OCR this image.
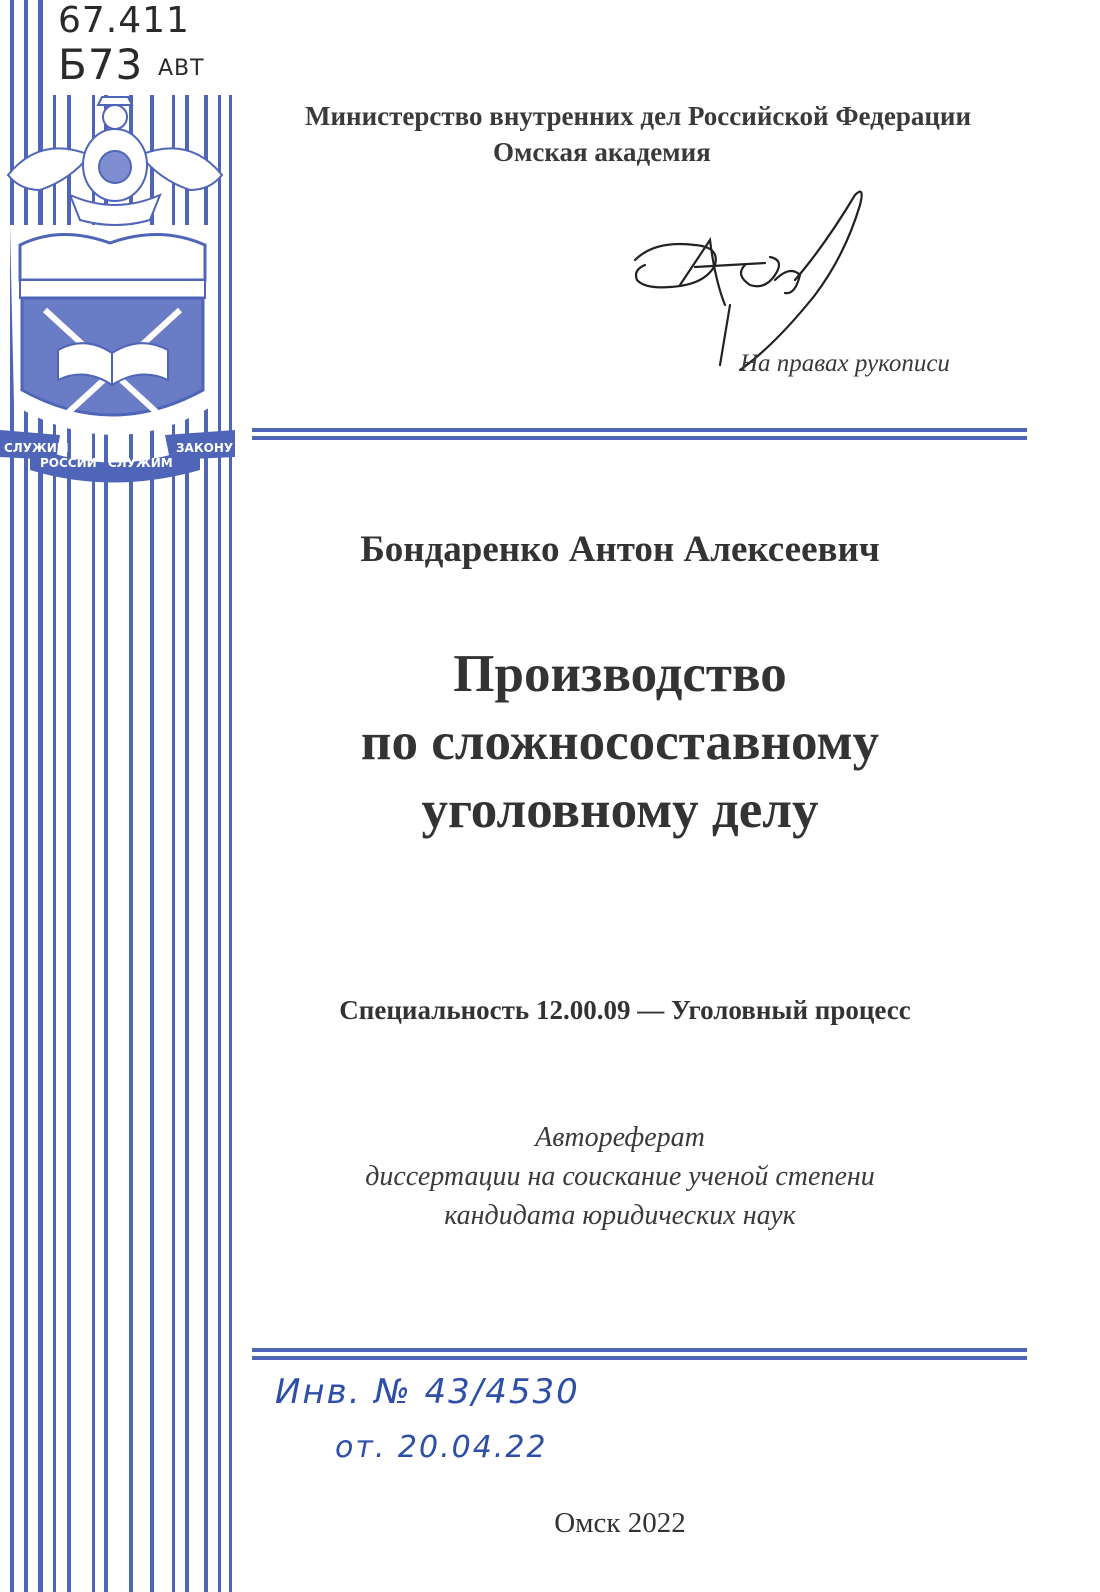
67.411
Б73 АВТ
СЛУЖИМ
РОССИИ СЛУЖИМ
ЗАКОНУ
Министерство внутренних дел Российской Федерации
Омская академия
На правах рукописи
Бондаренко Антон Алексеевич
Производство
по сложносоставному
уголовному делу
Специальность 12.00.09 — Уголовный процесс
Автореферат
диссертации на соискание ученой степени
кандидата юридических наук
Инв. № 43/4530
от. 20.04.22
Омск 2022
